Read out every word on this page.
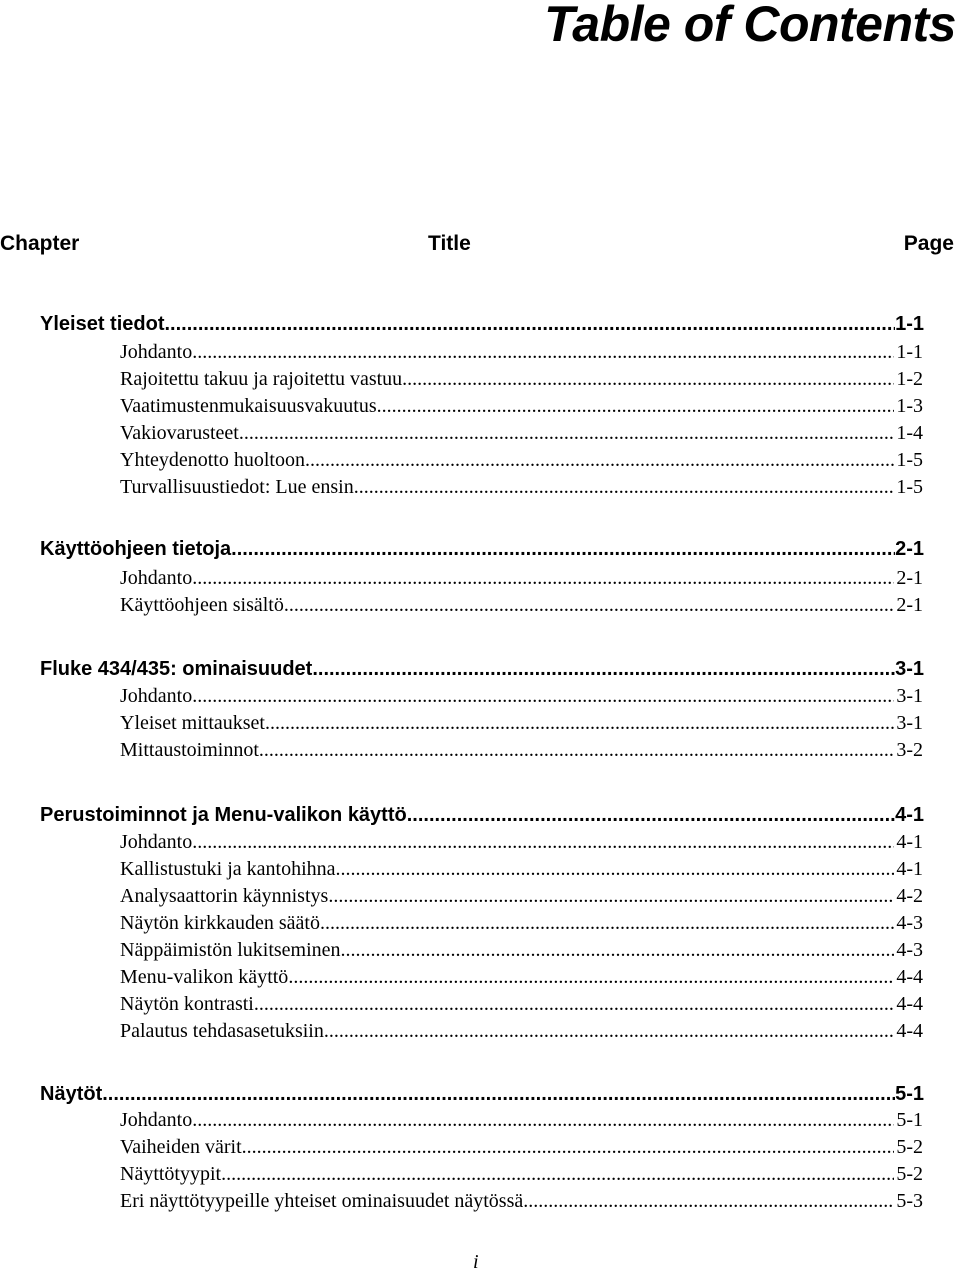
Table of Contents
Chapter	Title	Page
Yleiset tiedot .....	1-1
Johdanto .....	1-1
Rajoitettu takuu ja rajoitettu vastuu .....	1-2
Vaatimustenmukaisuusvakuutus .....	1-3
Vakiovarusteet .....	1-4
Yhteydenotto huoltoon .....	1-5
Turvallisuustiedot: Lue ensin .....	1-5
Käyttöohjeen tietoja .....	2-1
Johdanto .....	2-1
Käyttöohjeen sisältö .....	2-1
Fluke 434/435: ominaisuudet .....	3-1
Johdanto .....	3-1
Yleiset mittaukset .....	3-1
Mittaustoiminnot .....	3-2
Perustoiminnot ja Menu-valikon käyttö .....	4-1
Johdanto .....	4-1
Kallistustuki ja kantohihna .....	4-1
Analysaattorin käynnistys .....	4-2
Näytön kirkkauden säätö .....	4-3
Näppäimistön lukitseminen .....	4-3
Menu-valikon käyttö .....	4-4
Näytön kontrasti .....	4-4
Palautus tehdasasetuksiin .....	4-4
Näytöt .....	5-1
Johdanto .....	5-1
Vaiheiden värit .....	5-2
Näyttötyypit .....	5-2
Eri näyttötyypeille yhteiset ominaisuudet näytössä .....	5-3
i
